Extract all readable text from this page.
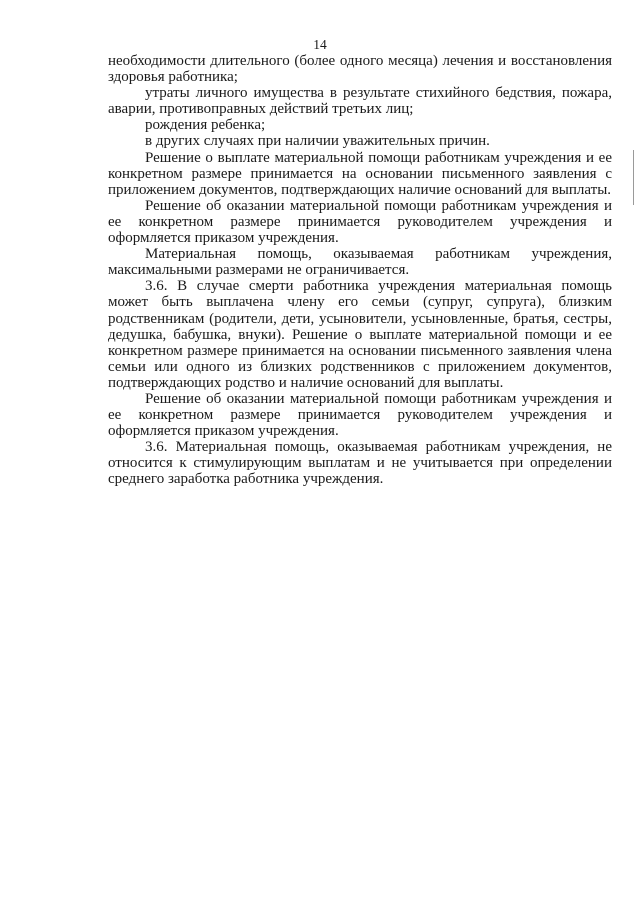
14

необходимости длительного (более одного месяца) лечения и восстановления здоровья работника;

утраты личного имущества в результате стихийного бедствия, пожара, аварии, противоправных действий третьих лиц;

рождения ребенка;

в других случаях при наличии уважительных причин.

Решение о выплате материальной помощи работникам учреждения и ее конкретном размере принимается на основании письменного заявления с приложением документов, подтверждающих наличие оснований для выплаты.

Решение об оказании материальной помощи работникам учреждения и ее конкретном размере принимается руководителем учреждения и оформляется приказом учреждения.

Материальная помощь, оказываемая работникам учреждения, максимальными размерами не ограничивается.

3.6. В случае смерти работника учреждения материальная помощь может быть выплачена члену его семьи (супруг, супруга), близким родственникам (родители, дети, усыновители, усыновленные, братья, сестры, дедушка, бабушка, внуки). Решение о выплате материальной помощи и ее конкретном размере принимается на основании письменного заявления члена семьи или одного из близких родственников с приложением документов, подтверждающих родство и наличие оснований для выплаты.

Решение об оказании материальной помощи работникам учреждения и ее конкретном размере принимается руководителем учреждения и оформляется приказом учреждения.

3.6. Материальная помощь, оказываемая работникам учреждения, не относится к стимулирующим выплатам и не учитывается при определении среднего заработка работника учреждения.
